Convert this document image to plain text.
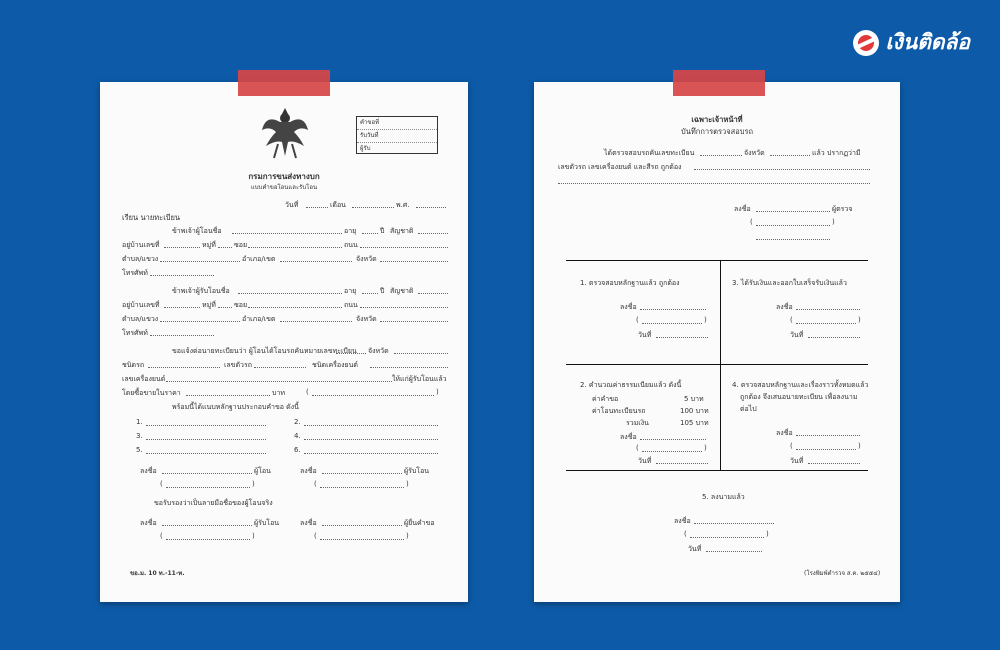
เงินติดล้อ
คำขอที่
รับวันที่
ผู้รับ
กรมการขนส่งทางบก
แบบคำขอโอนและรับโอน
วันที่	เดือน	พ.ศ.
เรียน นายทะเบียน
ข้าพเจ้าผู้โอนชื่อ	อายุ	ปี สัญชาติ
อยู่บ้านเลขที่	หมู่ที่	ซอย	ถนน
ตำบล/แขวง	อำเภอ/เขต	จังหวัด
โทรศัพท์
ข้าพเจ้าผู้รับโอนชื่อ	อายุ	ปี สัญชาติ
อยู่บ้านเลขที่	หมู่ที่	ซอย	ถนน
ตำบล/แขวง	อำเภอ/เขต	จังหวัด
โทรศัพท์
ขอแจ้งต่อนายทะเบียนว่า ผู้โอนได้โอนรถคันหมายเลขทะเบียน จังหวัด
ชนิดรถ	เลขตัวรถ	ชนิดเครื่องยนต์
เลขเครื่องยนต์	ให้แก่ผู้รับโอนแล้ว
โดยซื้อขายในราคา	บาท	(	)
พร้อมนี้ได้แนบหลักฐานประกอบคำขอ ดังนี้
1.	2.
3.	4.
5.	6.
ลงชื่อ	ผู้โอน	ลงชื่อ	ผู้รับโอน
(	)	(	)
ขอรับรองว่าเป็นลายมือชื่อของผู้โอนจริง
ลงชื่อ	ผู้รับโอน	ลงชื่อ	ผู้ยื่นคำขอ
(	)	(	)
ขอ.ม. 10 ท.-11-ท.
เฉพาะเจ้าหน้าที่
บันทึกการตรวจสอบรถ
ได้ตรวจสอบรถคันเลขทะเบียน	จังหวัด	แล้ว ปรากฏว่ามี
เลขตัวรถ เลขเครื่องยนต์ และสีรถ ถูกต้อง
ลงชื่อ	ผู้ตรวจ
(	)
1. ตรวจสอบหลักฐานแล้ว ถูกต้อง
ลงชื่อ
(	)
วันที่
3. ได้รับเงินและออกใบเสร็จรับเงินแล้ว
ลงชื่อ
(	)
วันที่
2. คำนวณค่าธรรมเนียมแล้ว ดังนี้
ค่าคำขอ	5 บาท
ค่าโอนทะเบียนรถ	100 บาท
รวมเงิน	105 บาท
ลงชื่อ
(	)
วันที่
4. ตรวจสอบหลักฐานและเรื่องราวทั้งหมดแล้ว
ถูกต้อง จึงเสนอนายทะเบียน เพื่อลงนาม
ต่อไป
ลงชื่อ
(	)
วันที่
5. ลงนามแล้ว
ลงชื่อ
(	)
วันที่
(โรงพิมพ์ตำรวจ ส.ค. ๒๕๕๔)
